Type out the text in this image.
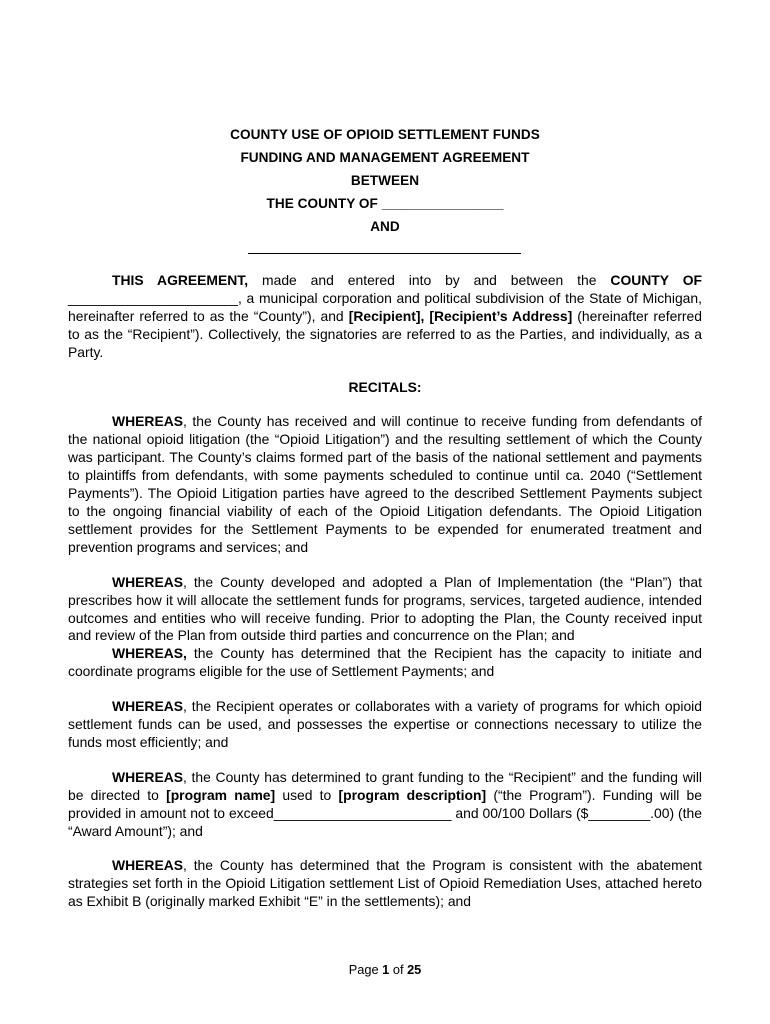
COUNTY USE OF OPIOID SETTLEMENT FUNDS
FUNDING AND MANAGEMENT AGREEMENT
BETWEEN
THE COUNTY OF ________________
AND

THIS AGREEMENT, made and entered into by and between the COUNTY OF ______________________, a municipal corporation and political subdivision of the State of Michigan, hereinafter referred to as the “County”), and [Recipient], [Recipient’s Address] (hereinafter referred to as the “Recipient”). Collectively, the signatories are referred to as the Parties, and individually, as a Party.

RECITALS:

WHEREAS, the County has received and will continue to receive funding from defendants of the national opioid litigation (the “Opioid Litigation”) and the resulting settlement of which the County was participant. The County’s claims formed part of the basis of the national settlement and payments to plaintiffs from defendants, with some payments scheduled to continue until ca. 2040 (“Settlement Payments”). The Opioid Litigation parties have agreed to the described Settlement Payments subject to the ongoing financial viability of each of the Opioid Litigation defendants. The Opioid Litigation settlement provides for the Settlement Payments to be expended for enumerated treatment and prevention programs and services; and

WHEREAS, the County developed and adopted a Plan of Implementation (the “Plan”) that prescribes how it will allocate the settlement funds for programs, services, targeted audience, intended outcomes and entities who will receive funding. Prior to adopting the Plan, the County received input and review of the Plan from outside third parties and concurrence on the Plan; and

WHEREAS, the County has determined that the Recipient has the capacity to initiate and coordinate programs eligible for the use of Settlement Payments; and

WHEREAS, the Recipient operates or collaborates with a variety of programs for which opioid settlement funds can be used, and possesses the expertise or connections necessary to utilize the funds most efficiently; and

WHEREAS, the County has determined to grant funding to the “Recipient” and the funding will be directed to [program name] used to [program description] (“the Program”). Funding will be provided in amount not to exceed_______________________ and 00/100 Dollars ($________.00) (the “Award Amount”); and

WHEREAS, the County has determined that the Program is consistent with the abatement strategies set forth in the Opioid Litigation settlement List of Opioid Remediation Uses, attached hereto as Exhibit B (originally marked Exhibit “E” in the settlements); and

Page 1 of 25
